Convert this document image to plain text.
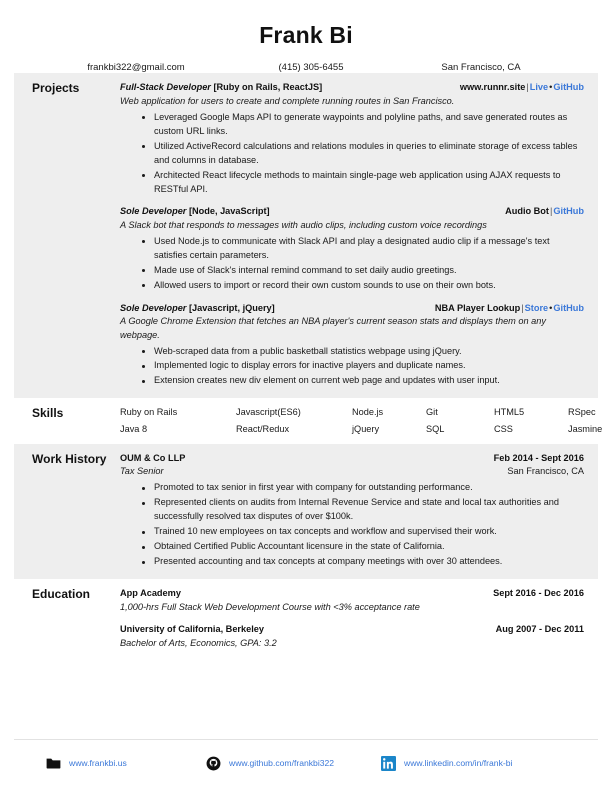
Frank Bi
frankbi322@gmail.com	(415) 305-6455	San Francisco, CA
Projects	Full-Stack Developer [Ruby on Rails, ReactJS]	www.runnr.site|Live•GitHub
Web application for users to create and complete running routes in San Francisco.
Leveraged Google Maps API to generate waypoints and polyline paths, and save generated routes as custom URL links.
Utilized ActiveRecord calculations and relations modules in queries to eliminate storage of excess tables and columns in database.
Architected React lifecycle methods to maintain single-page web application using AJAX requests to RESTful API.
Sole Developer [Node, JavaScript]	Audio Bot|GitHub
A Slack bot that responds to messages with audio clips, including custom voice recordings
Used Node.js to communicate with Slack API and play a designated audio clip if a message's text satisfies certain parameters.
Made use of Slack's internal remind command to set daily audio greetings.
Allowed users to import or record their own custom sounds to use on their own bots.
Sole Developer [Javascript, jQuery]	NBA Player Lookup|Store•GitHub
A Google Chrome Extension that fetches an NBA player's current season stats and displays them on any webpage.
Web-scraped data from a public basketball statistics webpage using jQuery.
Implemented logic to display errors for inactive players and duplicate names.
Extension creates new div element on current web page and updates with user input.
Skills	Ruby on Rails	Javascript(ES6)	Node.js	Git	HTML5	RSpec
Java 8	React/Redux	jQuery	SQL	CSS	Jasmine
Work History	OUM & Co LLP	Feb 2014 - Sept 2016
Tax Senior	San Francisco, CA
Promoted to tax senior in first year with company for outstanding performance.
Represented clients on audits from Internal Revenue Service and state and local tax authorities and successfully resolved tax disputes of over $100k.
Trained 10 new employees on tax concepts and workflow and supervised their work.
Obtained Certified Public Accountant licensure in the state of California.
Presented accounting and tax concepts at company meetings with over 30 attendees.
Education	App Academy	Sept 2016 - Dec 2016
1,000-hrs Full Stack Web Development Course with <3% acceptance rate
University of California, Berkeley	Aug 2007 - Dec 2011
Bachelor of Arts, Economics, GPA: 3.2
www.frankbi.us	www.github.com/frankbi322	www.linkedin.com/in/frank-bi
